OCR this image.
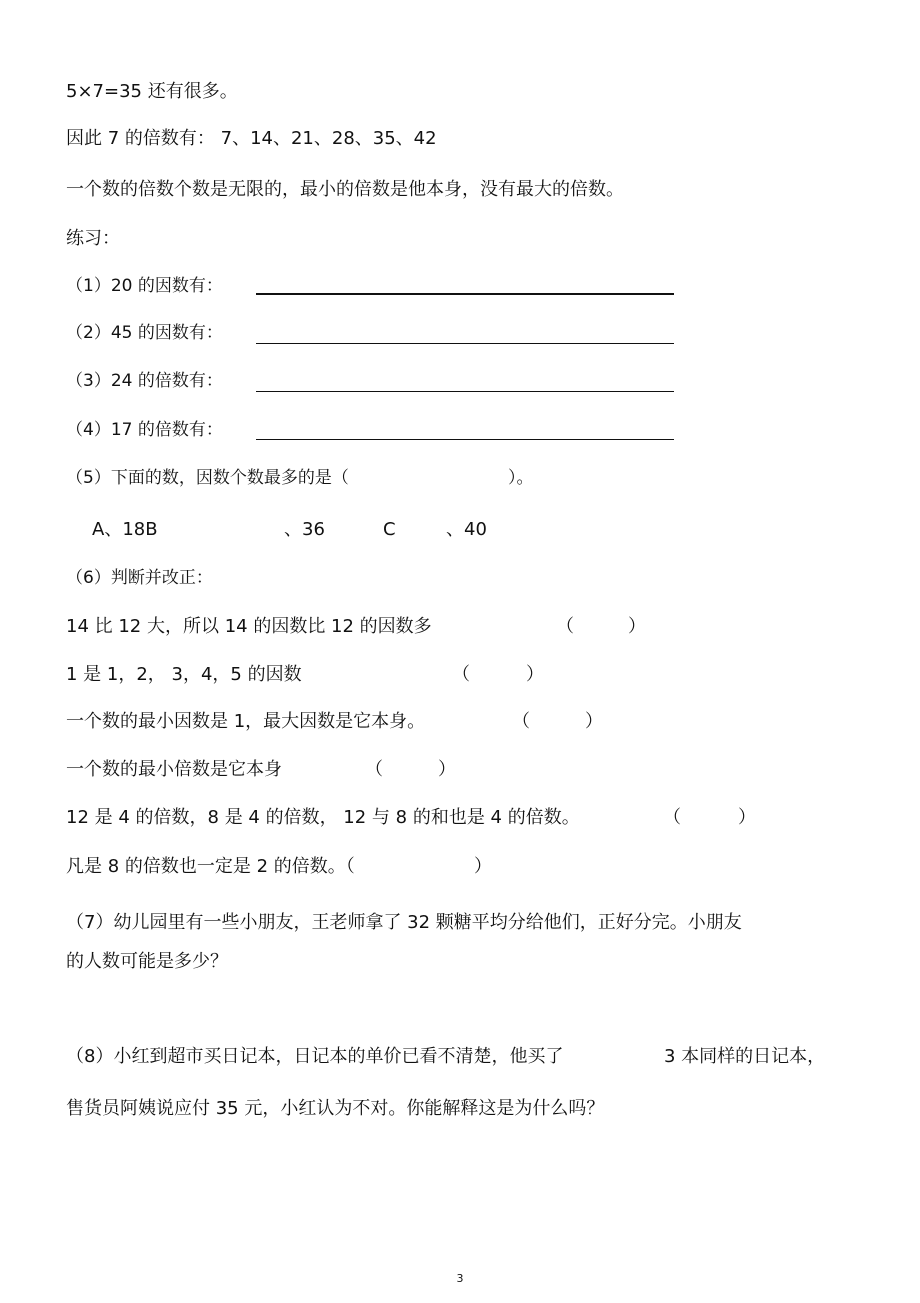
5×7=35 还有很多。
因此 7 的倍数有： 7、14、21、28、35、42
一个数的倍数个数是无限的，最小的倍数是他本身，没有最大的倍数。
练习：
（1）20 的因数有：
（2）45 的因数有：
（3）24 的倍数有：
（4）17 的倍数有：
（5）下面的数，因数个数最多的是（	）。
A、18B	、36	C	、40
（6）判断并改正：
14 比 12 大，所以 14 的因数比 12 的因数多	（	）
1 是 1，2， 3，4，5 的因数	（	）
一个数的最小因数是 1，最大因数是它本身。	（	）
一个数的最小倍数是它本身	（	）
12 是 4 的倍数，8 是 4 的倍数， 12 与 8 的和也是 4 的倍数。	（	）
凡是 8 的倍数也一定是 2 的倍数。（	）
（7）幼儿园里有一些小朋友，王老师拿了 32 颗糖平均分给他们，正好分完。小朋友
的人数可能是多少？
（8）小红到超市买日记本，日记本的单价已看不清楚，他买了	3 本同样的日记本，
售货员阿姨说应付 35 元，小红认为不对。你能解释这是为什么吗？
3
